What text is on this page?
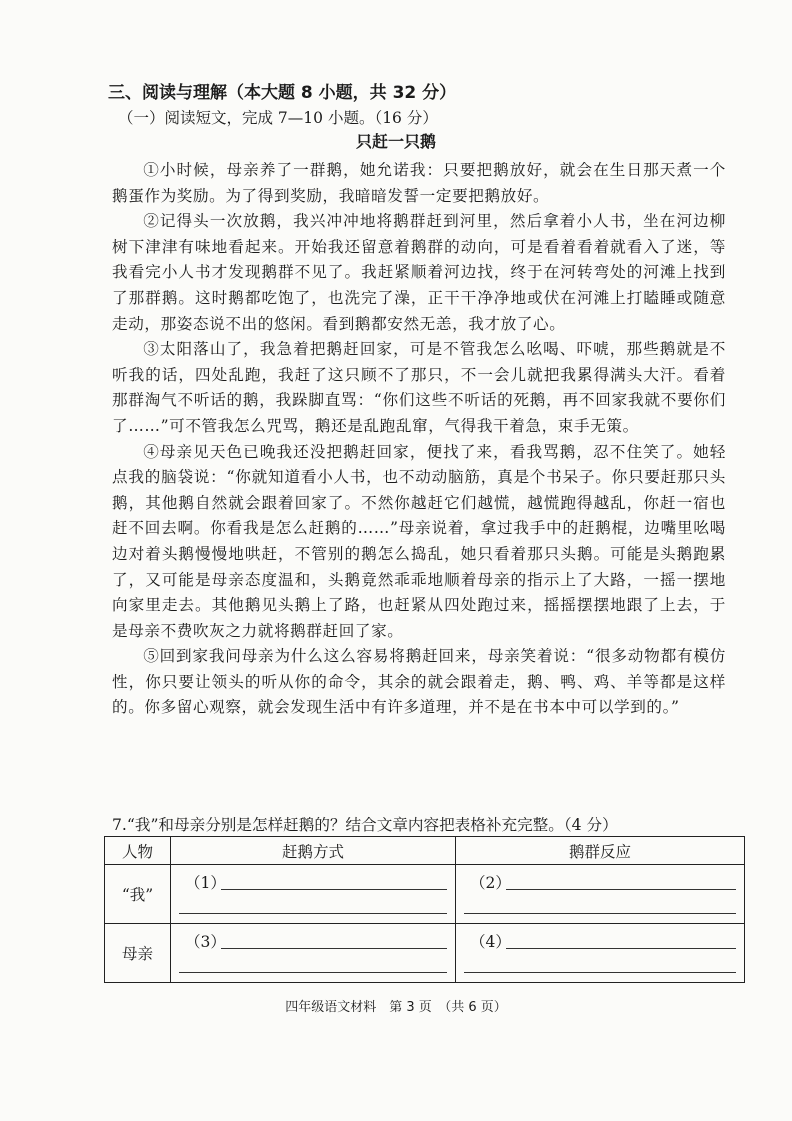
三、阅读与理解（本大题 8 小题，共 32 分）
（一）阅读短文，完成 7—10 小题。（16 分）
只赶一只鹅

①小时候，母亲养了一群鹅，她允诺我：只要把鹅放好，就会在生日那天煮一个鹅蛋作为奖励。为了得到奖励，我暗暗发誓一定要把鹅放好。

②记得头一次放鹅，我兴冲冲地将鹅群赶到河里，然后拿着小人书，坐在河边柳树下津津有味地看起来。开始我还留意着鹅群的动向，可是看着看着就看入了迷，等我看完小人书才发现鹅群不见了。我赶紧顺着河边找，终于在河转弯处的河滩上找到了那群鹅。这时鹅都吃饱了，也洗完了澡，正干干净净地或伏在河滩上打瞌睡或随意走动，那姿态说不出的悠闲。看到鹅都安然无恙，我才放了心。

③太阳落山了，我急着把鹅赶回家，可是不管我怎么吆喝、吓唬，那些鹅就是不听我的话，四处乱跑，我赶了这只顾不了那只，不一会儿就把我累得满头大汗。看着那群淘气不听话的鹅，我跺脚直骂：“你们这些不听话的死鹅，再不回家我就不要你们了……”可不管我怎么咒骂，鹅还是乱跑乱窜，气得我干着急，束手无策。

④母亲见天色已晚我还没把鹅赶回家，便找了来，看我骂鹅，忍不住笑了。她轻点我的脑袋说：“你就知道看小人书，也不动动脑筋，真是个书呆子。你只要赶那只头鹅，其他鹅自然就会跟着回家了。不然你越赶它们越慌，越慌跑得越乱，你赶一宿也赶不回去啊。你看我是怎么赶鹅的……”母亲说着，拿过我手中的赶鹅棍，边嘴里吆喝边对着头鹅慢慢地哄赶，不管别的鹅怎么捣乱，她只看着那只头鹅。可能是头鹅跑累了，又可能是母亲态度温和，头鹅竟然乖乖地顺着母亲的指示上了大路，一摇一摆地向家里走去。其他鹅见头鹅上了路，也赶紧从四处跑过来，摇摇摆摆地跟了上去，于是母亲不费吹灰之力就将鹅群赶回了家。

⑤回到家我问母亲为什么这么容易将鹅赶回来，母亲笑着说：“很多动物都有模仿性，你只要让领头的听从你的命令，其余的就会跟着走，鹅、鸭、鸡、羊等都是这样的。你多留心观察，就会发现生活中有许多道理，并不是在书本中可以学到的。”

7.“我”和母亲分别是怎样赶鹅的？结合文章内容把表格补充完整。（4 分）
人物	赶鹅方式	鹅群反应
“我”	（1）	（2）

母亲	（3）	（4）
四年级语文材料　第 3 页　（共 6 页）
